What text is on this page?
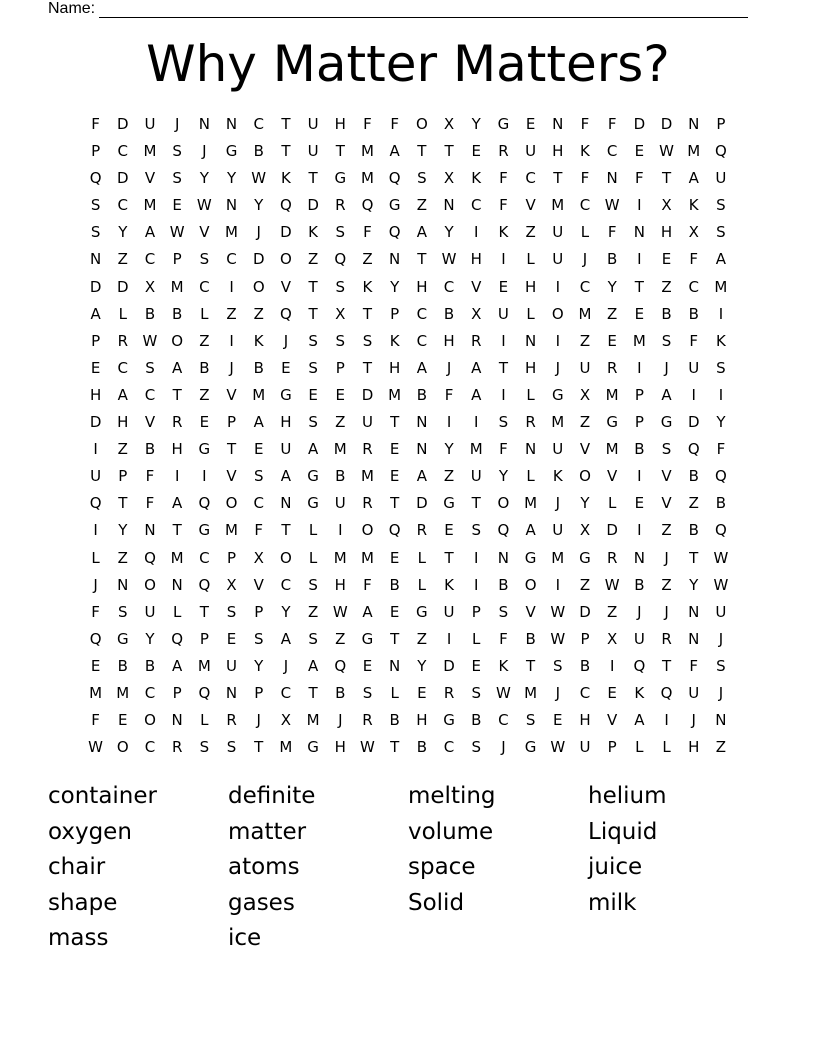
Name:
Why Matter Matters?
F	D	U	J	N	N	C	T	U	H	F	F	O	X	Y	G	E	N	F	F	D	D	N	P
P	C	M	S	J	G	B	T	U	T	M	A	T	T	E	R	U	H	K	C	E	W M Q
Q	D	V	S	Y	Y	W K	T	G M Q	S	X	K	F	C	T	F	N	F	T	A	U
S	C	M	E	W N	Y	Q	D	R	Q	G	Z	N	C	F	V	M	C W	I	X	K	S
S	Y	A W V	M	J	D	K	S	F	Q	A	Y	I	K	Z	U	L	F	N	H	X	S
N	Z	C	P	S	C	D	O	Z	Q	Z	N	T	W H	I	L	U	J	B	I	E	F	A
D	D	X	M	C	I	O	V	T	S	K	Y	H	C	V	E	H	I	C	Y	T	Z	C	M
A	L	B	B	L	Z	Z	Q	T	X	T	P	C	B	X	U	L	O M	Z	E	B	B	I
P	R W O	Z	I	K	J	S	S	S	K	C	H	R	I	N	I	Z	E	M	S	F	K
E	C	S	A	B	J	B	E	S	P	T	H	A	J	A	T	H	J	U	R	I	J	U	S
H	A	C	T	Z	V	M G	E	E	D M	B	F	A	I	L	G	X	M	P	A	I	I
D	H	V	R	E	P	A	H	S	Z	U	T	N	I	I	S	R	M	Z	G	P	G	D	Y
I	Z	B	H	G	T	E	U	A	M	R	E	N	Y	M	F	N	U	V	M	B	S	Q	F
U	P	F	I	I	V	S	A	G	B	M	E	A	Z	U	Y	L	K	O	V	I	V	B	Q
Q	T	F	A	Q	O	C	N	G	U	R	T	D	G	T	O M	J	Y	L	E	V	Z	B
I	Y	N	T	G M	F	T	L	I	O	Q	R	E	S	Q	A	U	X	D	I	Z	B	Q
L	Z	Q M	C	P	X	O	L	M M	E	L	T	I	N	G M G	R	N	J	T	W
J	N	O	N	Q	X	V	C	S	H	F	B	L	K	I	B	O	I	Z W B	Z	Y	W
F	S	U	L	T	S	P	Y	Z W A	E	G	U	P	S	V W D	Z	J	J	N	U
Q	G	Y	Q	P	E	S	A	S	Z	G	T	Z	I	L	F	B W	P	X	U	R	N	J
E	B	B	A	M	U	Y	J	A	Q	E	N	Y	D	E	K	T	S	B	I	Q	T	F	S
M M	C	P	Q	N	P	C	T	B	S	L	E	R	S	W M	J	C	E	K	Q	U	J
F	E	O	N	L	R	J	X	M	J	R	B	H	G	B	C	S	E	H	V	A	I	J	N
W O	C	R	S	S	T	M G	H W	T	B	C	S	J	G W U	P	L	L	H	Z
container	definite	melting	helium
oxygen	matter	volume	Liquid
chair	atoms	space	juice
shape	gases	Solid	milk
mass	ice
